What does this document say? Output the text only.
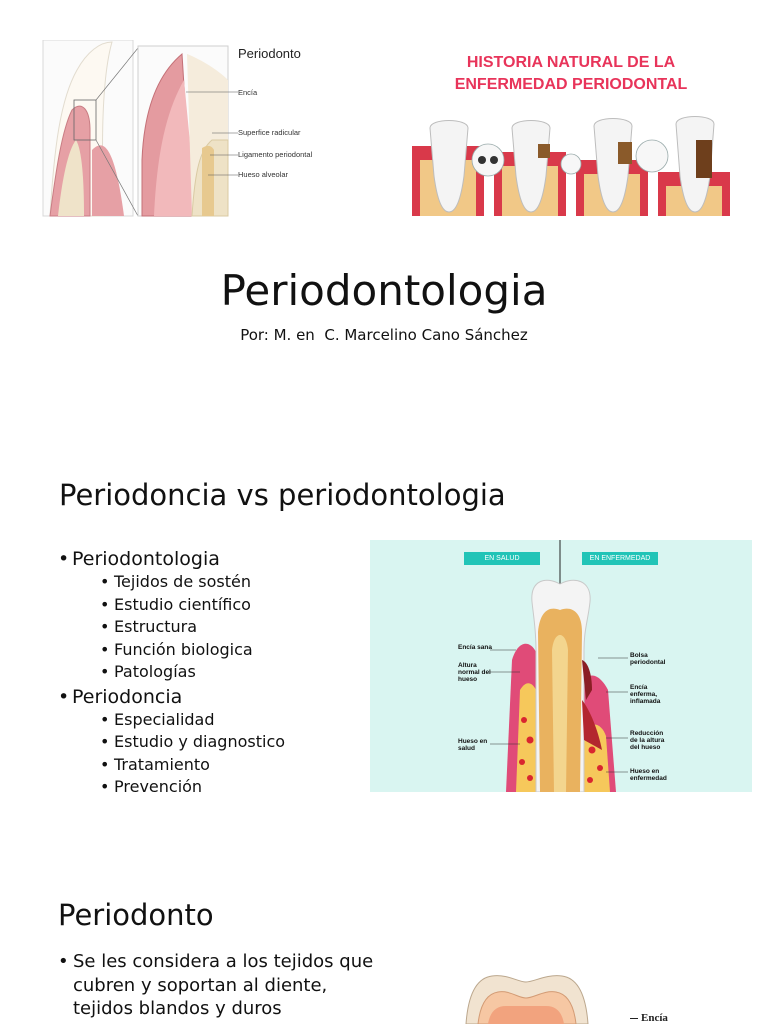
Periodonto
Encía
Superfice radicular
Ligamento periodontal
Hueso alveolar
HISTORIA NATURAL DE LA
ENFERMEDAD PERIODONTAL
Periodontologia
Por: M. en  C. Marcelino Cano Sánchez
Periodoncia vs periodontologia
• Periodontologia
• Tejidos de sostén
• Estudio científico
• Estructura
• Función biologica
• Patologías
• Periodoncia
• Especialidad
• Estudio y diagnostico
• Tratamiento
• Prevención
EN SALUD	EN ENFERMEDAD
Encía sana
Altura normal del hueso
Hueso en salud
Bolsa periodontal
Encía enferma, inflamada
Reducción de la altura del hueso
Hueso en enfermedad
Periodonto
• Se les considera a los tejidos que
cubren y soportan al diente,
tejidos blandos y duros	Encía
